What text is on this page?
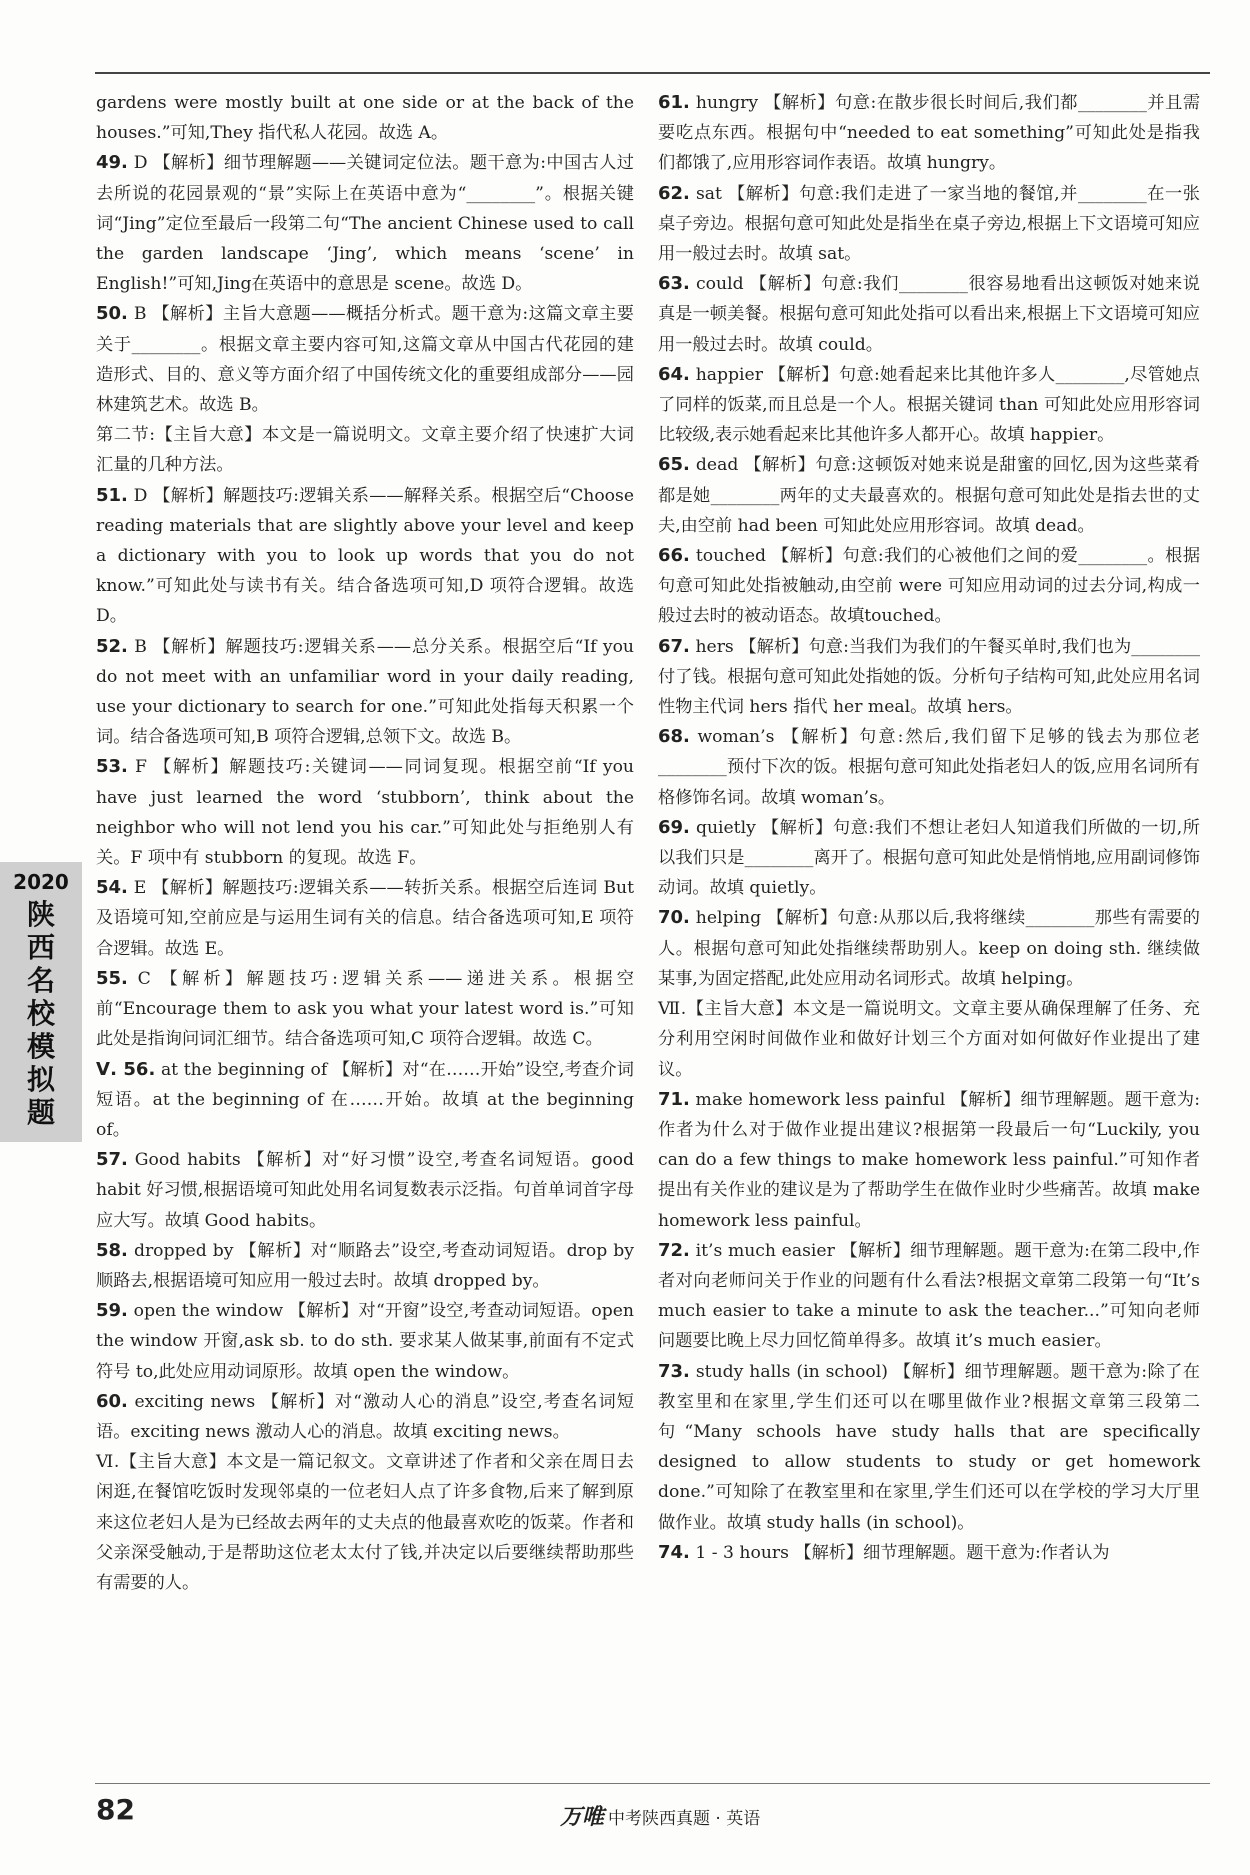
gardens were mostly built at one side or at the back of the houses.”可知,They 指代私人花园。故选 A。

49. D 【解析】细节理解题——关键词定位法。题干意为:中国古人过去所说的花园景观的“景”实际上在英语中意为“________”。根据关键词“Jing”定位至最后一段第二句“The ancient Chinese used to call the garden landscape ‘Jing’, which means ‘scene’ in English!”可知,Jing在英语中的意思是 scene。故选 D。

50. B 【解析】主旨大意题——概括分析式。题干意为:这篇文章主要关于________。根据文章主要内容可知,这篇文章从中国古代花园的建造形式、目的、意义等方面介绍了中国传统文化的重要组成部分——园林建筑艺术。故选 B。

第二节:【主旨大意】本文是一篇说明文。文章主要介绍了快速扩大词汇量的几种方法。

51. D 【解析】解题技巧:逻辑关系——解释关系。根据空后“Choose reading materials that are slightly above your level and keep a dictionary with you to look up words that you do not know.”可知此处与读书有关。结合备选项可知,D 项符合逻辑。故选 D。

52. B 【解析】解题技巧:逻辑关系——总分关系。根据空后“If you do not meet with an unfamiliar word in your daily reading, use your dictionary to search for one.”可知此处指每天积累一个词。结合备选项可知,B 项符合逻辑,总领下文。故选 B。

53. F 【解析】解题技巧:关键词——同词复现。根据空前“If you have just learned the word ‘stubborn’, think about the neighbor who will not lend you his car.”可知此处与拒绝别人有关。F 项中有 stubborn 的复现。故选 F。

54. E 【解析】解题技巧:逻辑关系——转折关系。根据空后连词 But 及语境可知,空前应是与运用生词有关的信息。结合备选项可知,E 项符合逻辑。故选 E。

55. C 【解析】解题技巧:逻辑关系——递进关系。根据空前“Encourage them to ask you what your latest word is.”可知此处是指询问词汇细节。结合备选项可知,C 项符合逻辑。故选 C。

Ⅴ. 56. at the beginning of 【解析】对“在……开始”设空,考查介词短语。at the beginning of 在……开始。故填 at the beginning of。

57. Good habits 【解析】对“好习惯”设空,考查名词短语。good habit 好习惯,根据语境可知此处用名词复数表示泛指。句首单词首字母应大写。故填 Good habits。

58. dropped by 【解析】对“顺路去”设空,考查动词短语。drop by 顺路去,根据语境可知应用一般过去时。故填 dropped by。

59. open the window 【解析】对“开窗”设空,考查动词短语。open the window 开窗,ask sb. to do sth. 要求某人做某事,前面有不定式符号 to,此处应用动词原形。故填 open the window。

60. exciting news 【解析】对“激动人心的消息”设空,考查名词短语。exciting news 激动人心的消息。故填 exciting news。

Ⅵ.【主旨大意】本文是一篇记叙文。文章讲述了作者和父亲在周日去闲逛,在餐馆吃饭时发现邻桌的一位老妇人点了许多食物,后来了解到原来这位老妇人是为已经故去两年的丈夫点的他最喜欢吃的饭菜。作者和父亲深受触动,于是帮助这位老太太付了钱,并决定以后要继续帮助那些有需要的人。

61. hungry 【解析】句意:在散步很长时间后,我们都________并且需要吃点东西。根据句中“needed to eat something”可知此处是指我们都饿了,应用形容词作表语。故填 hungry。

62. sat 【解析】句意:我们走进了一家当地的餐馆,并________在一张桌子旁边。根据句意可知此处是指坐在桌子旁边,根据上下文语境可知应用一般过去时。故填 sat。

63. could 【解析】句意:我们________很容易地看出这顿饭对她来说真是一顿美餐。根据句意可知此处指可以看出来,根据上下文语境可知应用一般过去时。故填 could。

64. happier 【解析】句意:她看起来比其他许多人________,尽管她点了同样的饭菜,而且总是一个人。根据关键词 than 可知此处应用形容词比较级,表示她看起来比其他许多人都开心。故填 happier。

65. dead 【解析】句意:这顿饭对她来说是甜蜜的回忆,因为这些菜肴都是她________两年的丈夫最喜欢的。根据句意可知此处是指去世的丈夫,由空前 had been 可知此处应用形容词。故填 dead。

66. touched 【解析】句意:我们的心被他们之间的爱________。根据句意可知此处指被触动,由空前 were 可知应用动词的过去分词,构成一般过去时的被动语态。故填touched。

67. hers 【解析】句意:当我们为我们的午餐买单时,我们也为________付了钱。根据句意可知此处指她的饭。分析句子结构可知,此处应用名词性物主代词 hers 指代 her meal。故填 hers。

68. woman’s 【解析】句意:然后,我们留下足够的钱去为那位老________预付下次的饭。根据句意可知此处指老妇人的饭,应用名词所有格修饰名词。故填 woman’s。

69. quietly 【解析】句意:我们不想让老妇人知道我们所做的一切,所以我们只是________离开了。根据句意可知此处是悄悄地,应用副词修饰动词。故填 quietly。

70. helping 【解析】句意:从那以后,我将继续________那些有需要的人。根据句意可知此处指继续帮助别人。keep on doing sth. 继续做某事,为固定搭配,此处应用动名词形式。故填 helping。

Ⅶ.【主旨大意】本文是一篇说明文。文章主要从确保理解了任务、充分利用空闲时间做作业和做好计划三个方面对如何做好作业提出了建议。

71. make homework less painful 【解析】细节理解题。题干意为:作者为什么对于做作业提出建议?根据第一段最后一句“Luckily, you can do a few things to make homework less painful.”可知作者提出有关作业的建议是为了帮助学生在做作业时少些痛苦。故填 make homework less painful。

72. it’s much easier 【解析】细节理解题。题干意为:在第二段中,作者对向老师问关于作业的问题有什么看法?根据文章第二段第一句“It’s much easier to take a minute to ask the teacher...”可知向老师问题要比晚上尽力回忆简单得多。故填 it’s much easier。

73. study halls (in school) 【解析】细节理解题。题干意为:除了在教室里和在家里,学生们还可以在哪里做作业?根据文章第三段第二句“Many schools have study halls that are specifically designed to allow students to study or get homework done.”可知除了在教室里和在家里,学生们还可以在学校的学习大厅里做作业。故填 study halls (in school)。

74. 1 - 3 hours 【解析】细节理解题。题干意为:作者认为

2020
陕
西
名
校
模
拟
题
82	万唯 中考陕西真题 · 英语
